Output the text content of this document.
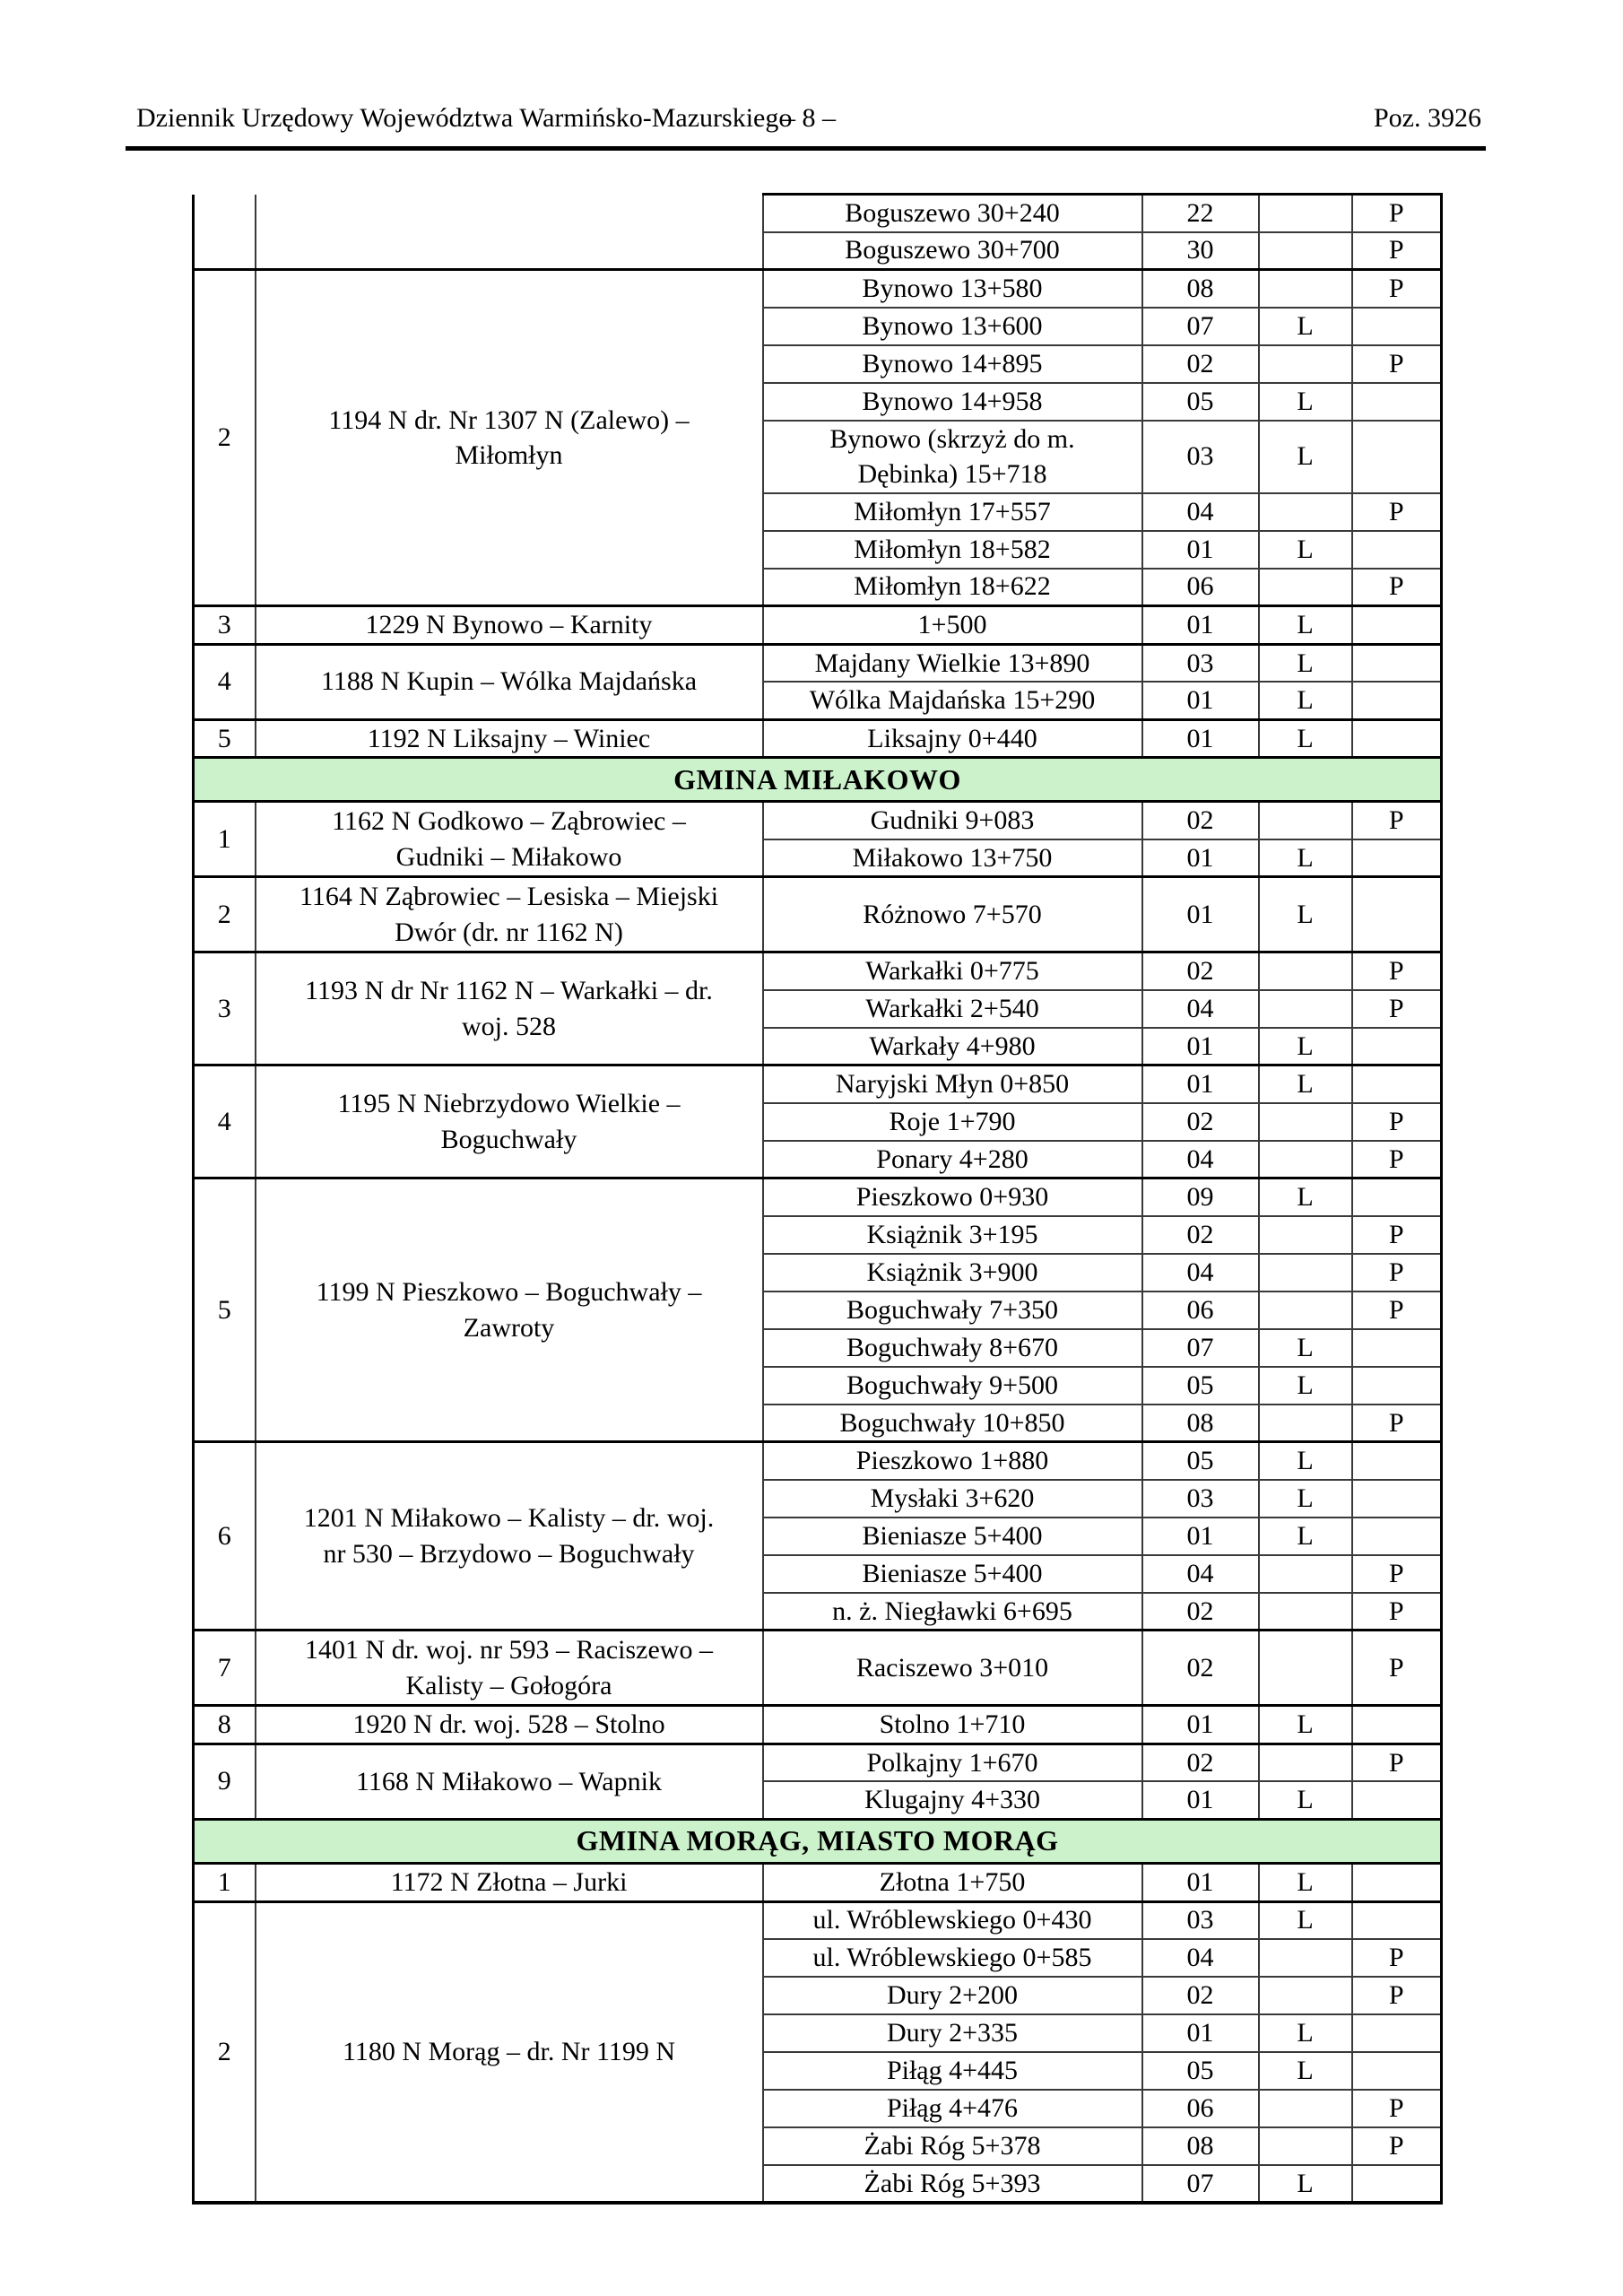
Dziennik Urzędowy Województwa Warmińsko-Mazurskiego
– 8 –	Poz. 3926
		Boguszewo 30+240	22		P
		Boguszewo 30+700	30		P
2	1194 N dr. Nr 1307 N (Zalewo) –
Miłomłyn	Bynowo 13+580	08		P
		Bynowo 13+600	07	L	
		Bynowo 14+895	02		P
		Bynowo 14+958	05	L	

		Bynowo (skrzyż do m.
Dębinka) 15+718	03	L	
		Miłomłyn 17+557	04		P
		Miłomłyn 18+582	01	L	
		Miłomłyn 18+622	06		P
3	1229 N Bynowo – Karnity	1+500	01	L	
4	1188 N Kupin – Wólka Majdańska	Majdany Wielkie 13+890	03	L	
		Wólka Majdańska 15+290	01	L	
5	1192 N Liksajny – Winiec	Liksajny 0+440	01	L	
GMINA MIŁAKOWO					
1	1162 N Godkowo – Ząbrowiec –
Gudniki – Miłakowo	Gudniki 9+083	02		P
		Miłakowo 13+750	01	L	
2	1164 N Ząbrowiec – Lesiska – Miejski
Dwór (dr. nr 1162 N)	Różnowo 7+570	01	L	
3	1193 N dr Nr 1162 N – Warkałki – dr.
woj. 528	Warkałki 0+775	02		P
		Warkałki 2+540	04		P
		Warkały 4+980	01	L	
4	1195 N Niebrzydowo Wielkie –
Boguchwały	Naryjski Młyn 0+850	01	L	
		Roje 1+790	02		P
		Ponary 4+280	04		P
5	1199 N Pieszkowo – Boguchwały –
Zawroty	Pieszkowo 0+930	09	L	
		Książnik 3+195	02		P
		Książnik 3+900	04		P
		Boguchwały 7+350	06		P
		Boguchwały 8+670	07	L	
		Boguchwały 9+500	05	L	
		Boguchwały 10+850	08		P
6	1201 N Miłakowo – Kalisty – dr. woj.
nr 530 – Brzydowo – Boguchwały	Pieszkowo 1+880	05	L	
		Mysłaki 3+620	03	L	
		Bieniasze 5+400	01	L	
		Bieniasze 5+400	04		P
		n. ż. Niegławki 6+695	02		P
7	1401 N dr. woj. nr 593 – Raciszewo –
Kalisty – Gołogóra	Raciszewo 3+010	02		P
8	1920 N dr. woj. 528 – Stolno	Stolno 1+710	01	L	
9	1168 N Miłakowo – Wapnik	Polkajny 1+670	02		P
		Klugajny 4+330	01	L	
GMINA MORĄG, MIASTO MORĄG					
1	1172 N Złotna – Jurki	Złotna 1+750	01	L	
2	1180 N Morąg – dr. Nr 1199 N	ul. Wróblewskiego 0+430	03	L	
		ul. Wróblewskiego 0+585	04		P
		Dury 2+200	02		P
		Dury 2+335	01	L	
		Piłąg 4+445	05	L	
		Piłąg 4+476	06		P
		Żabi Róg 5+378	08		P
		Żabi Róg 5+393	07	L	
